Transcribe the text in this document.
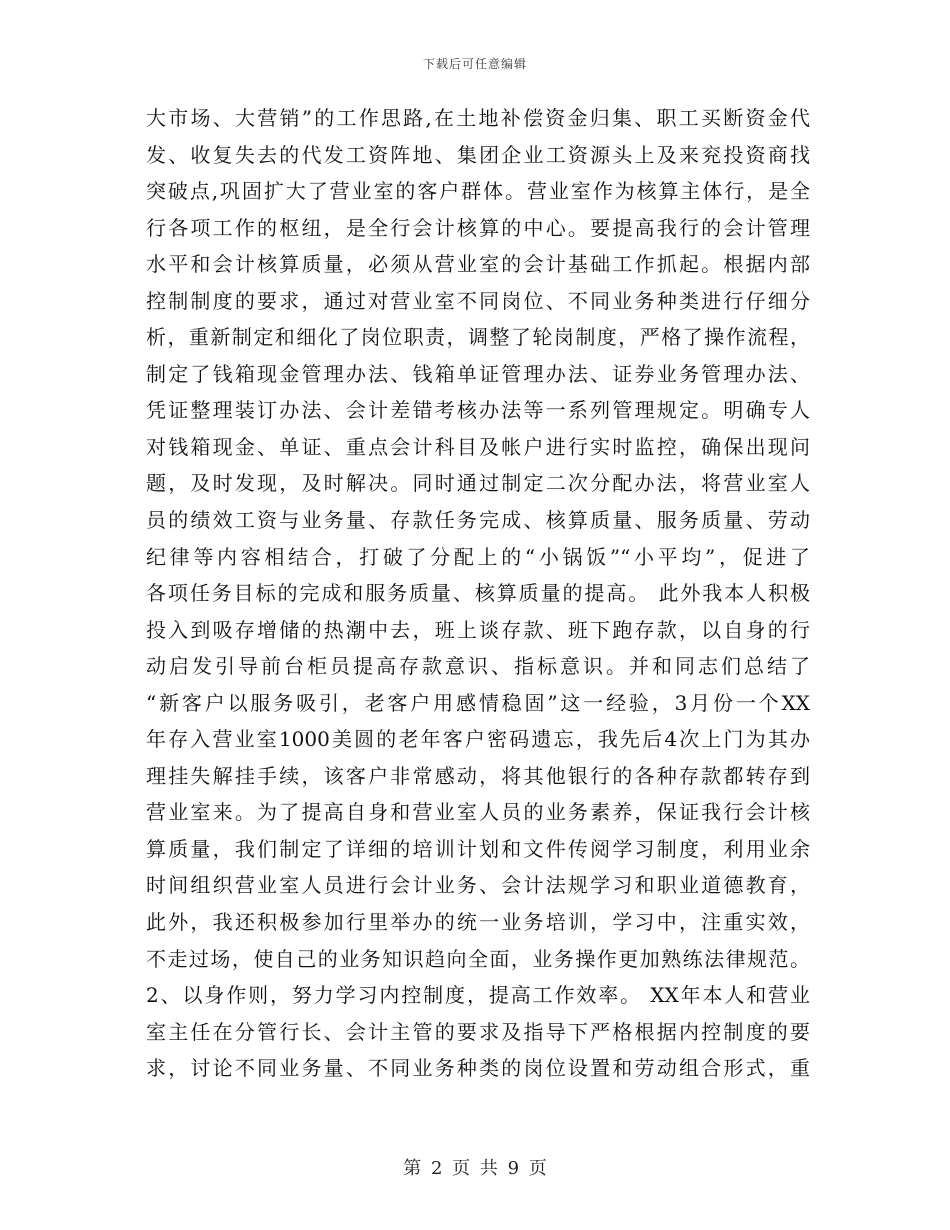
下载后可任意编辑
大市场、大营销”的工作思路,在土地补偿资金归集、职工买断资金代
发、收复失去的代发工资阵地、集团企业工资源头上及来兖投资商找
突破点,巩固扩大了营业室的客户群体。营业室作为核算主体行，是全
行各项工作的枢纽，是全行会计核算的中心。要提高我行的会计管理
水平和会计核算质量，必须从营业室的会计基础工作抓起。根据内部
控制制度的要求，通过对营业室不同岗位、不同业务种类进行仔细分
析，重新制定和细化了岗位职责，调整了轮岗制度，严格了操作流程，
制定了钱箱现金管理办法、钱箱单证管理办法、证券业务管理办法、
凭证整理装订办法、会计差错考核办法等一系列管理规定。明确专人
对钱箱现金、单证、重点会计科目及帐户进行实时监控，确保出现问
题，及时发现，及时解决。同时通过制定二次分配办法，将营业室人
员的绩效工资与业务量、存款任务完成、核算质量、服务质量、劳动
纪律等内容相结合，打破了分配上的“小锅饭”“小平均”，促进了
各项任务目标的完成和服务质量、核算质量的提高。 此外我本人积极
投入到吸存增储的热潮中去，班上谈存款、班下跑存款，以自身的行
动启发引导前台柜员提高存款意识、指标意识。并和同志们总结了
“新客户以服务吸引，老客户用感情稳固”这一经验，3月份一个XX
年存入营业室1000美圆的老年客户密码遗忘，我先后4次上门为其办
理挂失解挂手续，该客户非常感动，将其他银行的各种存款都转存到
营业室来。为了提高自身和营业室人员的业务素养，保证我行会计核
算质量，我们制定了详细的培训计划和文件传阅学习制度，利用业余
时间组织营业室人员进行会计业务、会计法规学习和职业道德教育，
此外，我还积极参加行里举办的统一业务培训，学习中，注重实效，
不走过场，使自己的业务知识趋向全面，业务操作更加熟练法律规范。
2、以身作则，努力学习内控制度，提高工作效率。 XX年本人和营业
室主任在分管行长、会计主管的要求及指导下严格根据内控制度的要
求，讨论不同业务量、不同业务种类的岗位设置和劳动组合形式，重
第 2 页 共 9 页
